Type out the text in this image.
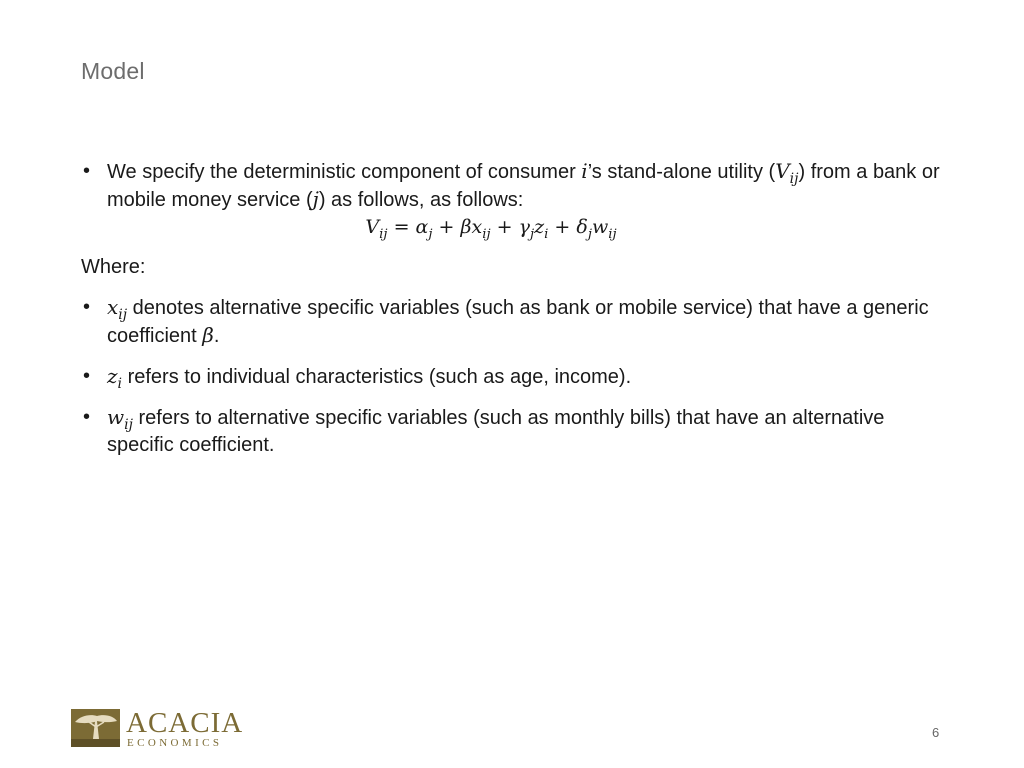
Model
• We specify the deterministic component of consumer i’s stand-alone utility $(V_{ij})$ from a bank or mobile money service (j) as follows, as follows:
$V_{ij} = \alpha_j + \beta x_{ij} + \gamma_jz_i + \delta_jw_{ij}$
Where:
• $x_{ij}$ denotes alternative specific variables (such as bank or mobile service) that have a generic coefficient β.
• $z_i$ refers to individual characteristics (such as age, income).
• $w_{ij}$ refers to alternative specific variables (such as monthly bills) that have an alternative specific coefficient.
ACACIA
ECONOMICS
6
